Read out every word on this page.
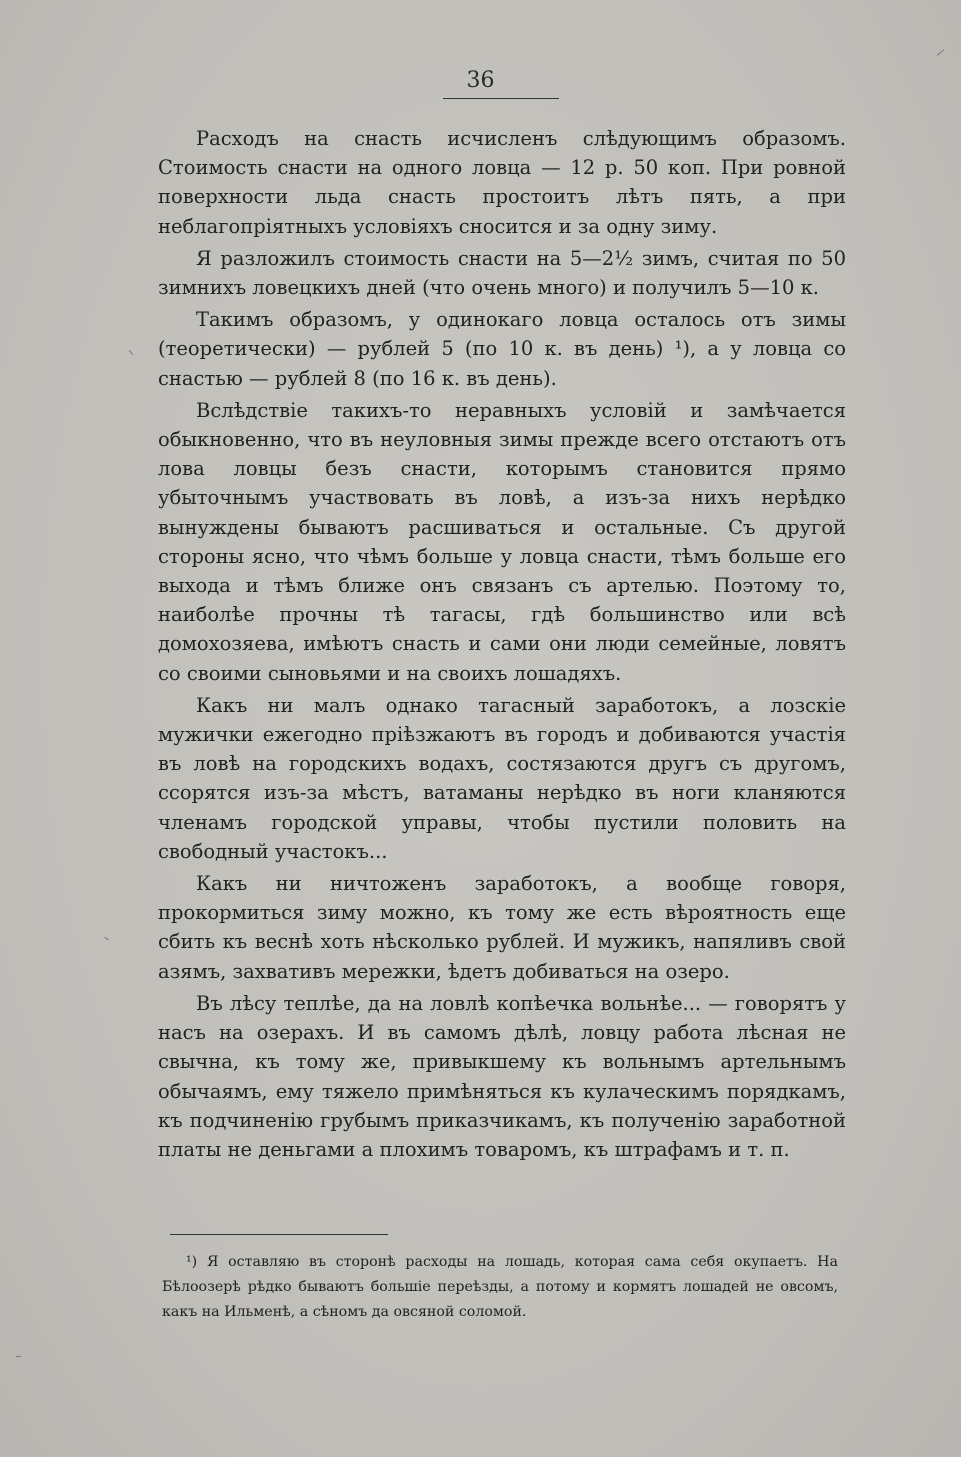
36

Расходъ на снасть исчисленъ слѣдующимъ образомъ. Стоимость снасти на одного ловца — 12 р. 50 коп. При ровной поверхности льда снасть простоитъ лѣтъ пять, а при неблагопріятныхъ условіяхъ сносится и за одну зиму.

Я разложилъ стоимость снасти на 5—2½ зимъ, считая по 50 зимнихъ ловецкихъ дней (что очень много) и получилъ 5—10 к.

Такимъ образомъ, у одинокаго ловца осталось отъ зимы (теоретически) — рублей 5 (по 10 к. въ день) ¹), а у ловца со снастью — рублей 8 (по 16 к. въ день).

Вслѣдствіе такихъ-то неравныхъ условій и замѣчается обыкновенно, что въ неуловныя зимы прежде всего отстаютъ отъ лова ловцы безъ снасти, которымъ становится прямо убыточнымъ участвовать въ ловѣ, а изъ-за нихъ нерѣдко вынуждены бываютъ расшиваться и остальные. Съ другой стороны ясно, что чѣмъ больше у ловца снасти, тѣмъ больше его выхода и тѣмъ ближе онъ связанъ съ артелью. Поэтому то, наиболѣе прочны тѣ тагасы, гдѣ большинство или всѣ домохозяева, имѣютъ снасть и сами они люди семейные, ловятъ со своими сыновьями и на своихъ лошадяхъ.

Какъ ни малъ однако тагасный заработокъ, а лозскіе мужички ежегодно пріѣзжаютъ въ городъ и добиваются участія въ ловѣ на городскихъ водахъ, состязаются другъ съ другомъ, ссорятся изъ-за мѣстъ, ватаманы нерѣдко въ ноги кланяются членамъ городской управы, чтобы пустили половить на свободный участокъ...

Какъ ни ничтоженъ заработокъ, а вообще говоря, прокормиться зиму можно, къ тому же есть вѣроятность еще сбить къ веснѣ хоть нѣсколько рублей. И мужикъ, напяливъ свой азямъ, захвативъ мережки, ѣдетъ добиваться на озеро.

Въ лѣсу теплѣе, да на ловлѣ копѣечка вольнѣе... — говорятъ у насъ на озерахъ. И въ самомъ дѣлѣ, ловцу работа лѣсная не свычна, къ тому же, привыкшему къ вольнымъ артельнымъ обычаямъ, ему тяжело примѣняться къ кулаческимъ порядкамъ, къ подчиненію грубымъ приказчикамъ, къ полученію заработной платы не деньгами а плохимъ товаромъ, къ штрафамъ и т. п.

¹) Я оставляю въ сторонѣ расходы на лошадь, которая сама себя окупаетъ. На Бѣлоозерѣ рѣдко бываютъ большіе переѣзды, а потому и кормятъ лошадей не овсомъ, какъ на Ильменѣ, а сѣномъ да овсяной соломой.
